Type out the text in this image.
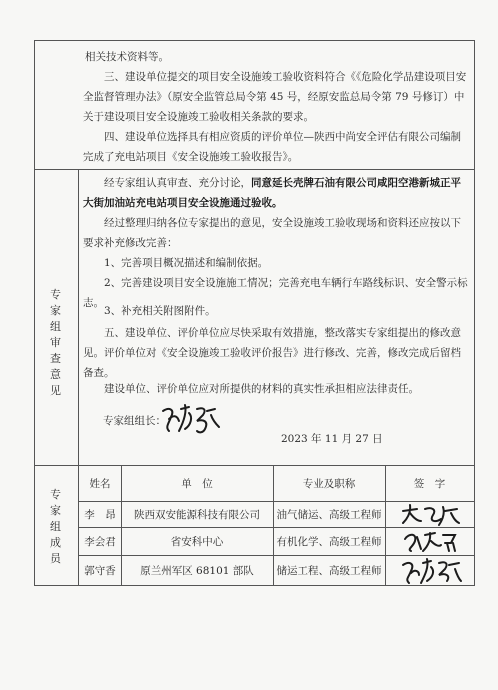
相关技术资料等。

三、建设单位提交的项目安全设施竣工验收资料符合《《危险化学品建设项目安全监督管理办法》（原安全监管总局令第 45 号，经原安监总局令第 79 号修订）中关于建设项目安全设施竣工验收相关条款的要求。

四、建设单位选择具有相应资质的评价单位—陕西中尚安全评估有限公司编制完成了充电站项目《安全设施竣工验收报告》。

专家组审查意见

经专家组认真审查、充分讨论，同意延长壳牌石油有限公司咸阳空港新城正平大街加油站充电站项目安全设施通过验收。

经过整理归纳各位专家提出的意见，安全设施竣工验收现场和资料还应按以下要求补充修改完善：

1、完善项目概况描述和编制依据。

2、完善建设项目安全设施施工情况；完善充电车辆行车路线标识、安全警示标志。

3、补充相关附图附件。

五、建设单位、评价单位应尽快采取有效措施，整改落实专家组提出的修改意见。评价单位对《安全设施竣工验收评价报告》进行修改、完善，修改完成后留档备查。

建设单位、评价单位应对所提供的材料的真实性承担相应法律责任。

专家组组长：
2023 年 11 月 27 日
专家组成员
姓名	单　位	专业及职称	签　字
李　昂	陕西双安能源科技有限公司	油气储运、高级工程师
李会君	省安科中心	有机化学、高级工程师
郭守香	原兰州军区 68101 部队	储运工程、高级工程师
